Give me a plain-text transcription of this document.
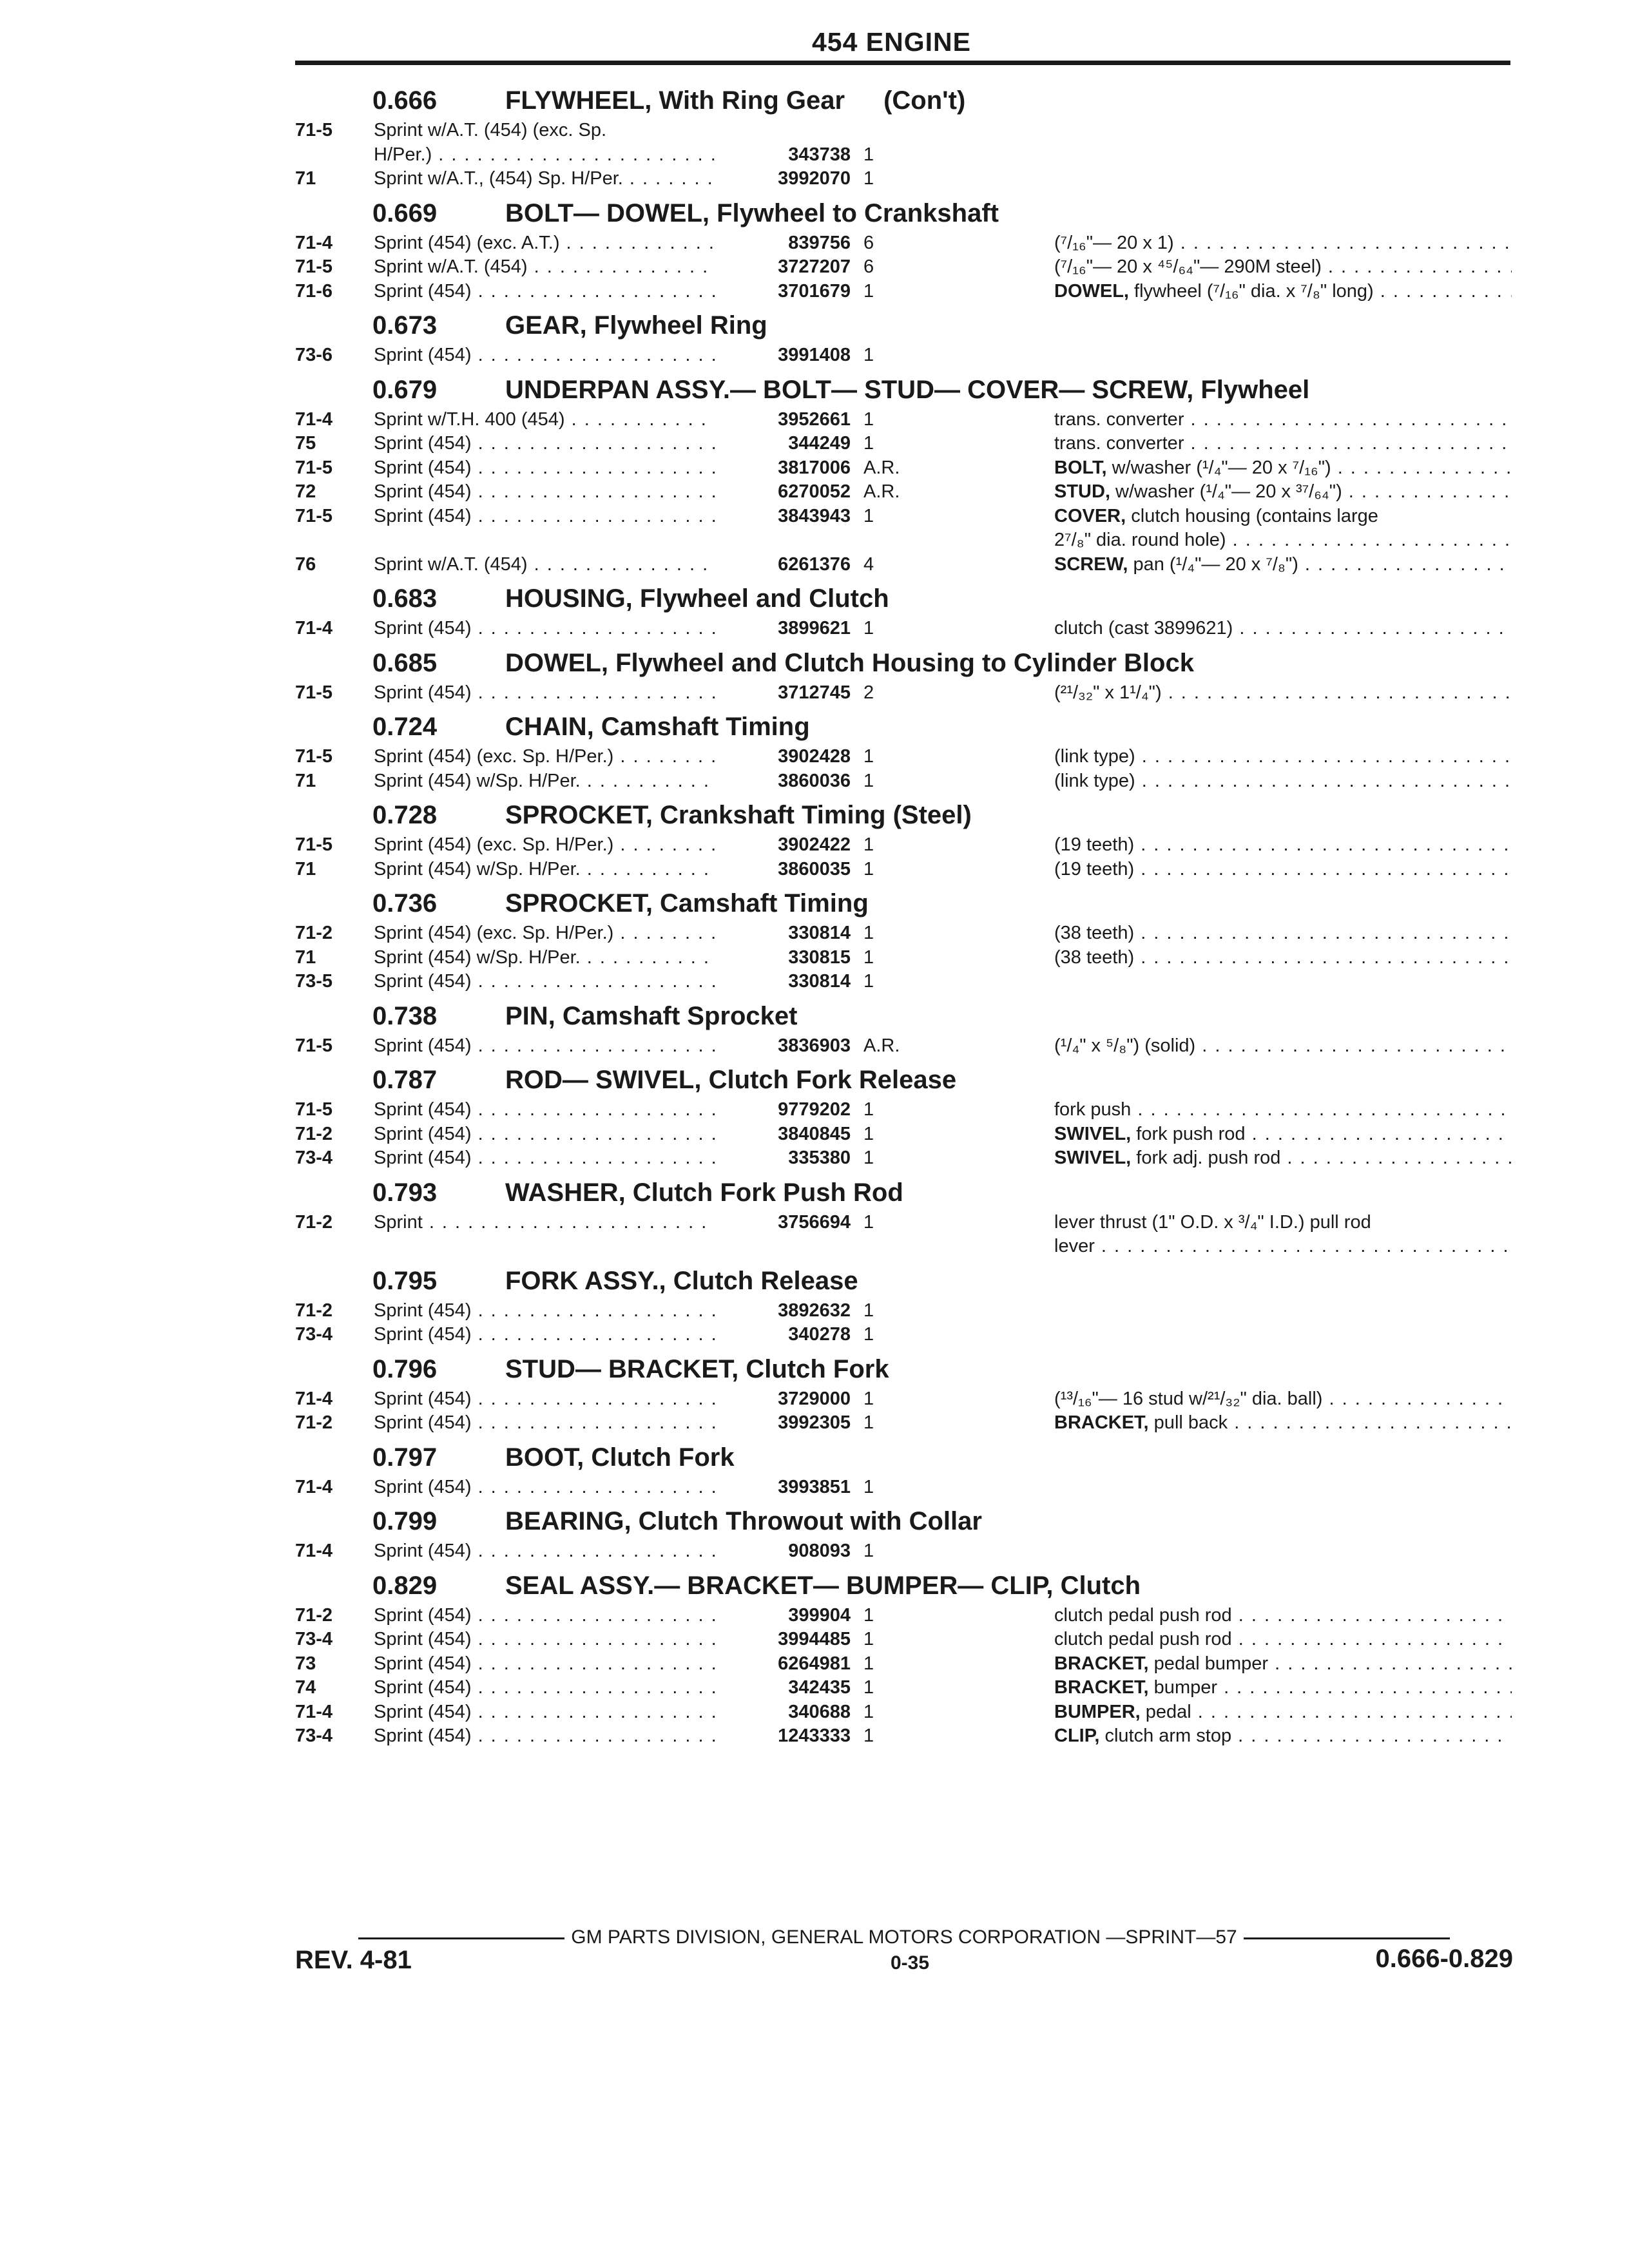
454 ENGINE
0.666	FLYWHEEL, With Ring Gear (Con't)
71-5 Sprint w/A.T. (454) (exc. Sp.
H/Per.) . . .	343738 1
71	Sprint w/A.T., (454) Sp. H/Per. . . .	3992070 1
0.669	BOLT— DOWEL, Flywheel to Crankshaft
71-4 Sprint (454) (exc. A.T.) . . .	839756 6	(⁷/₁₆"— 20 x 1) . . .
71-5 Sprint w/A.T. (454) . . .	3727207 6	(⁷/₁₆"— 20 x ⁴⁵/₆₄"— 290M steel) . . .
71-6 Sprint (454) . . .	3701679 1	DOWEL, flywheel (⁷/₁₆" dia. x ⁷/₈" long) . . .
0.673	GEAR, Flywheel Ring
73-6 Sprint (454) . . .	3991408 1
0.679	UNDERPAN ASSY.— BOLT— STUD— COVER— SCREW, Flywheel
71-4 Sprint w/T.H. 400 (454) . . .	3952661 1	trans. converter . . .
75	Sprint (454) . . .	344249 1	trans. converter . . .
71-5 Sprint (454) . . .	3817006 A.R.	BOLT, w/washer (¹/₄"— 20 x ⁷/₁₆") . . .
72	Sprint (454) . . .	6270052 A.R.	STUD, w/washer (¹/₄"— 20 x ³⁷/₆₄") . . .
71-5 Sprint (454) . . .	3843943 1	COVER, clutch housing (contains large
2⁷/₈" dia. round hole) . . .
76	Sprint w/A.T. (454) . . .	6261376 4	SCREW, pan (¹/₄"— 20 x ⁷/₈") . . .
0.683	HOUSING, Flywheel and Clutch
71-4 Sprint (454) . . .	3899621 1	clutch (cast 3899621) . . .
0.685	DOWEL, Flywheel and Clutch Housing to Cylinder Block
71-5 Sprint (454) . . .	3712745 2	(²¹/₃₂" x 1¹/₄") . . .
0.724	CHAIN, Camshaft Timing
71-5 Sprint (454) (exc. Sp. H/Per.) . . .	3902428 1	(link type) . . .
71	Sprint (454) w/Sp. H/Per. . . .	3860036 1	(link type) . . .
0.728	SPROCKET, Crankshaft Timing (Steel)
71-5 Sprint (454) (exc. Sp. H/Per.) . . .	3902422 1	(19 teeth) . . .
71	Sprint (454) w/Sp. H/Per. . . .	3860035 1	(19 teeth) . . .
0.736	SPROCKET, Camshaft Timing
71-2 Sprint (454) (exc. Sp. H/Per.) . . .	330814 1	(38 teeth) . . .
71	Sprint (454) w/Sp. H/Per. . . .	330815 1	(38 teeth) . . .
73-5 Sprint (454) . . .	330814 1
0.738	PIN, Camshaft Sprocket
71-5 Sprint (454) . . .	3836903 A.R.	(¹/₄" x ⁵/₈") (solid) . . .
0.787	ROD— SWIVEL, Clutch Fork Release
71-5 Sprint (454) . . .	9779202 1	fork push . . .
71-2 Sprint (454) . . .	3840845 1	SWIVEL, fork push rod . . .
73-4 Sprint (454) . . .	335380 1	SWIVEL, fork adj. push rod . . .
0.793	WASHER, Clutch Fork Push Rod
71-2 Sprint . . .	3756694 1	lever thrust (1" O.D. x ³/₄" I.D.) pull rod
lever . . .
0.795	FORK ASSY., Clutch Release
71-2 Sprint (454) . . .	3892632 1
73-4 Sprint (454) . . .	340278 1
0.796	STUD— BRACKET, Clutch Fork
71-4 Sprint (454) . . .	3729000 1	(¹³/₁₆"— 16 stud w/²¹/₃₂" dia. ball) . . .
71-2 Sprint (454) . . .	3992305 1	BRACKET, pull back . . .
0.797	BOOT, Clutch Fork
71-4 Sprint (454) . . .	3993851 1
0.799	BEARING, Clutch Throwout with Collar
71-4 Sprint (454) . . .	908093 1
0.829	SEAL ASSY.— BRACKET— BUMPER— CLIP, Clutch
71-2 Sprint (454) . . .	399904 1	clutch pedal push rod . . .
73-4 Sprint (454) . . .	3994485 1	clutch pedal push rod . . .
73	Sprint (454) . . .	6264981 1	BRACKET, pedal bumper . . .
74	Sprint (454) . . .	342435 1	BRACKET, bumper . . .
71-4 Sprint (454) . . .	340688 1	BUMPER, pedal . . .
73-4 Sprint (454) . . .	1243333 1	CLIP, clutch arm stop . . .
GM PARTS DIVISION, GENERAL MOTORS CORPORATION —SPRINT—57
REV. 4-81	0-35	0.666-0.829
